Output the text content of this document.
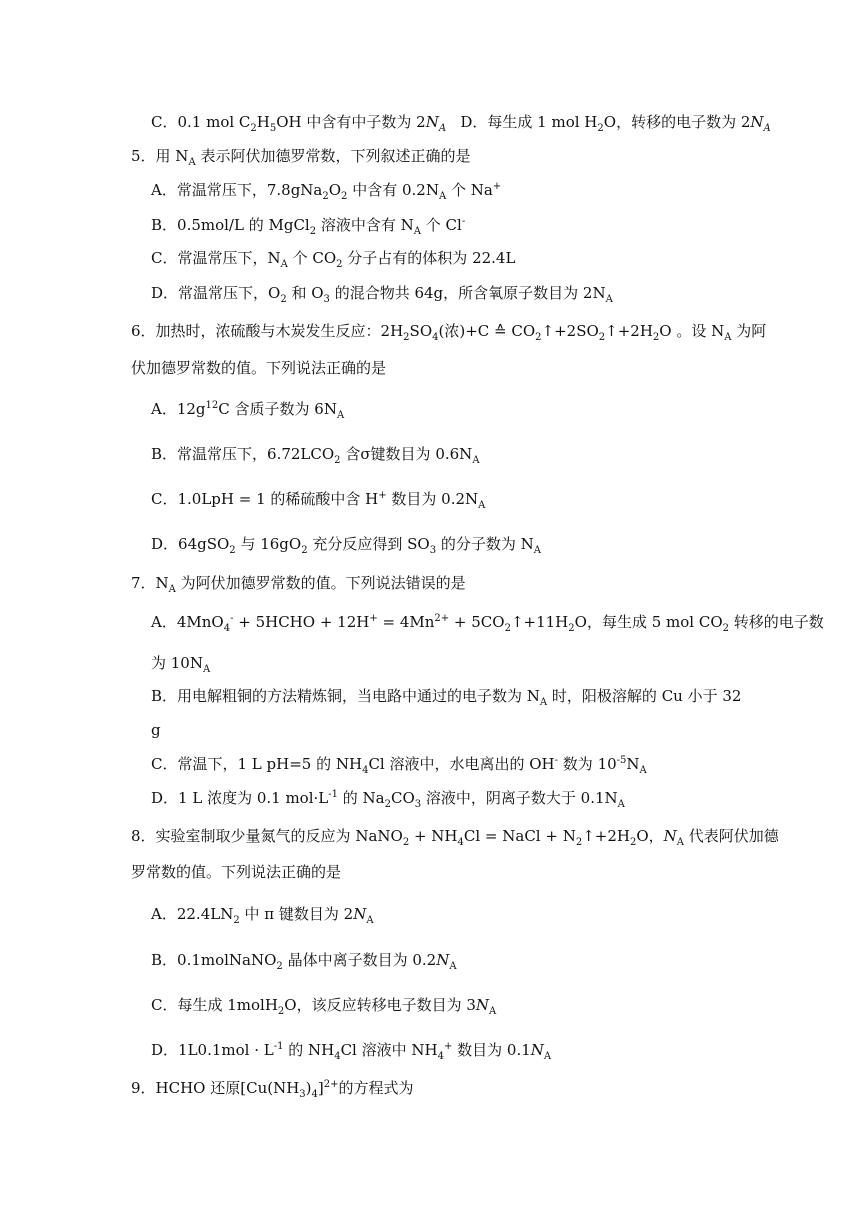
C．0.1 mol $C_2H_5OH$ 中含有中子数为 $2N_A$   D．每生成 1 mol $H_2O$，转移的电子数为 $2N_A$
5．用 $N_A$ 表示阿伏加德罗常数，下列叙述正确的是
A．常温常压下，$7.8gNa_2O_2$ 中含有 $0.2N_A$ 个 Na+
B．0.5mol/L 的 MgCl$_2$ 溶液中含有 $N_A$ 个 Cl-
C．常温常压下，$N_A$ 个 $CO_2$ 分子占有的体积为 22.4L
D．常温常压下，$O_2$ 和 $O_3$ 的混合物共 64g，所含氧原子数目为 $2N_A$
6．加热时，浓硫酸与木炭发生反应：$2H_2SO_4$(浓)+C ≙ $CO_2↑+2SO_2↑+2H_2O$ 。设 $N_A$ 为阿
伏加德罗常数的值。下列说法正确的是
A．$12g^{12}C$ 含质子数为 $6N_A$
B．常温常压下，$6.72LCO_2$ 含σ键数目为 $0.6N_A$
C．1.0LpH = 1 的稀硫酸中含 H+ 数目为 $0.2N_A$
D．64gSO$_2$ 与 $16gO_2$ 充分反应得到 $SO_3$ 的分子数为 $N_A$
7．$N_A$ 为阿伏加德罗常数的值。下列说法错误的是
A．4MnO$_4$- + 5HCHO + $12H^+ = 4Mn^{2+}$ + $5CO_2↑+11H_2O$，每生成 5 mol $CO_2$ 转移的电子数
为 $10N_A$
B．用电解粗铜的方法精炼铜，当电路中通过的电子数为 $N_A$ 时，阳极溶解的 Cu 小于 32
g
C．常温下，1 L pH=5 的 $NH_4Cl$ 溶液中，水电离出的 OH- 数为 $10^{-5}N_A$
D．1 L 浓度为 0.1 $mol\cdot L^{-1}$ 的 $Na_2CO_3$ 溶液中，阴离子数大于 $0.1N_A$
8．实验室制取少量氮气的反应为 NaNO$_2$ + $NH_4Cl$ = NaCl + $N_2↑+2H_2O$，$N_A$ 代表阿伏加德
罗常数的值。下列说法正确的是
A．$22.4LN_2$ 中 π 键数目为 $2N_A$
B．0.1molNaNO$_2$ 晶体中离子数目为 $0.2N_A$
C．每生成 1molH$_2$O，该反应转移电子数目为 $3N_A$
D．$1L0.1mol \cdot L^{-1}$ 的 $NH_4Cl$ 溶液中 $NH_4^+$ 数目为 $0.1N_A$
9．HCHO 还原$[Cu(NH_3)_4]^{2+}$的方程式为
